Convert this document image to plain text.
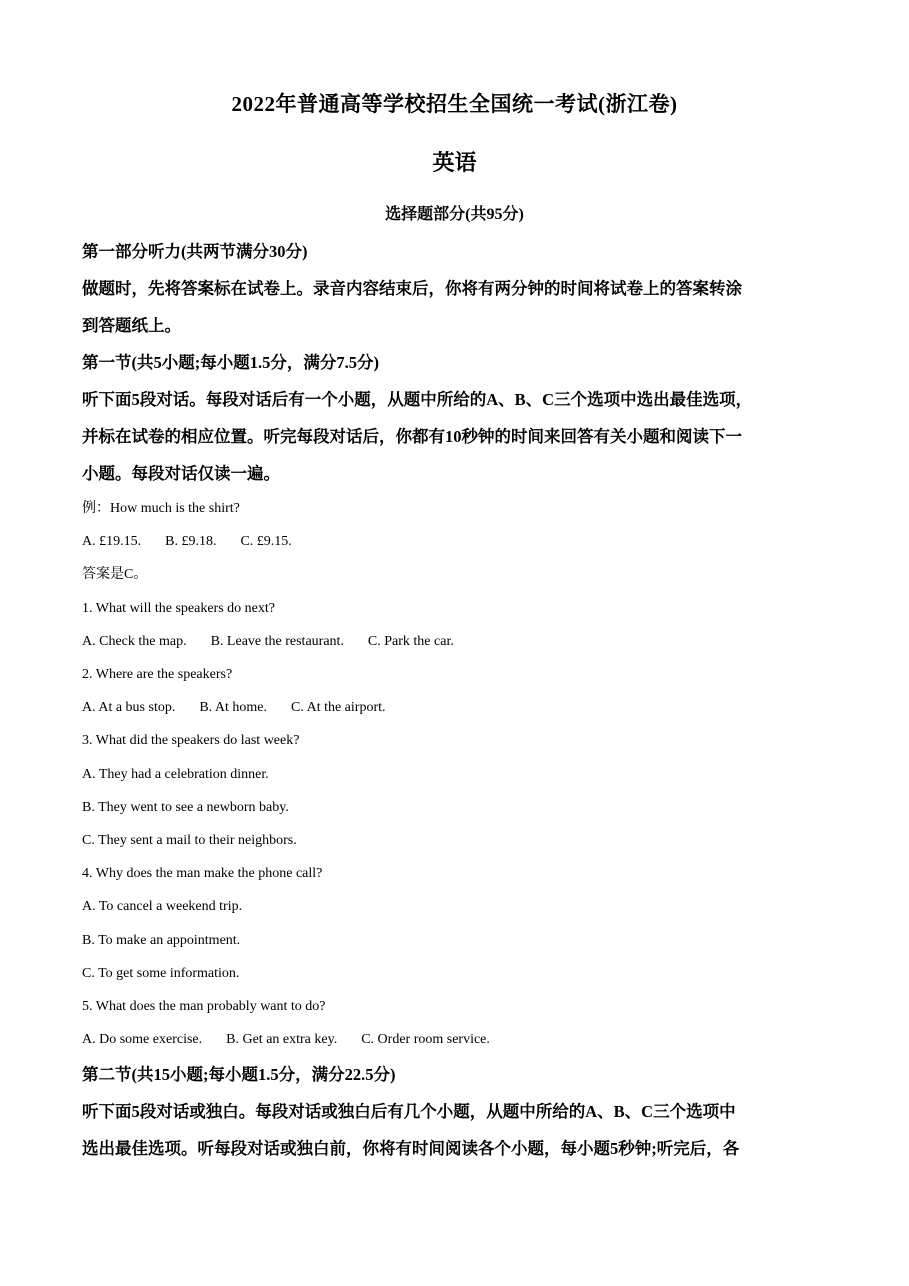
2022年普通高等学校招生全国统一考试(浙江卷)
英语
选择题部分(共95分)

第一部分听力(共两节满分30分)

做题时，先将答案标在试卷上。录音内容结束后，你将有两分钟的时间将试卷上的答案转涂

到答题纸上。

第一节(共5小题;每小题1.5分，满分7.5分)

听下面5段对话。每段对话后有一个小题，从题中所给的A、B、C三个选项中选出最佳选项，

并标在试卷的相应位置。听完每段对话后，你都有10秒钟的时间来回答有关小题和阅读下一

小题。每段对话仅读一遍。

例：How much is the shirt?

A. £19.15. B. £9.18. C. £9.15.

答案是C。

1. What will the speakers do next?

A. Check the map. B. Leave the restaurant. C. Park the car.

2. Where are the speakers?

A. At a bus stop. B. At home. C. At the airport.

3. What did the speakers do last week?

A. They had a celebration dinner.

B. They went to see a newborn baby.

C. They sent a mail to their neighbors.

4. Why does the man make the phone call?

A. To cancel a weekend trip.

B. To make an appointment.

C. To get some information.

5. What does the man probably want to do?

A. Do some exercise. B. Get an extra key. C. Order room service.

第二节(共15小题;每小题1.5分，满分22.5分)

听下面5段对话或独白。每段对话或独白后有几个小题，从题中所给的A、B、C三个选项中

选出最佳选项。听每段对话或独白前，你将有时间阅读各个小题，每小题5秒钟;听完后，各
